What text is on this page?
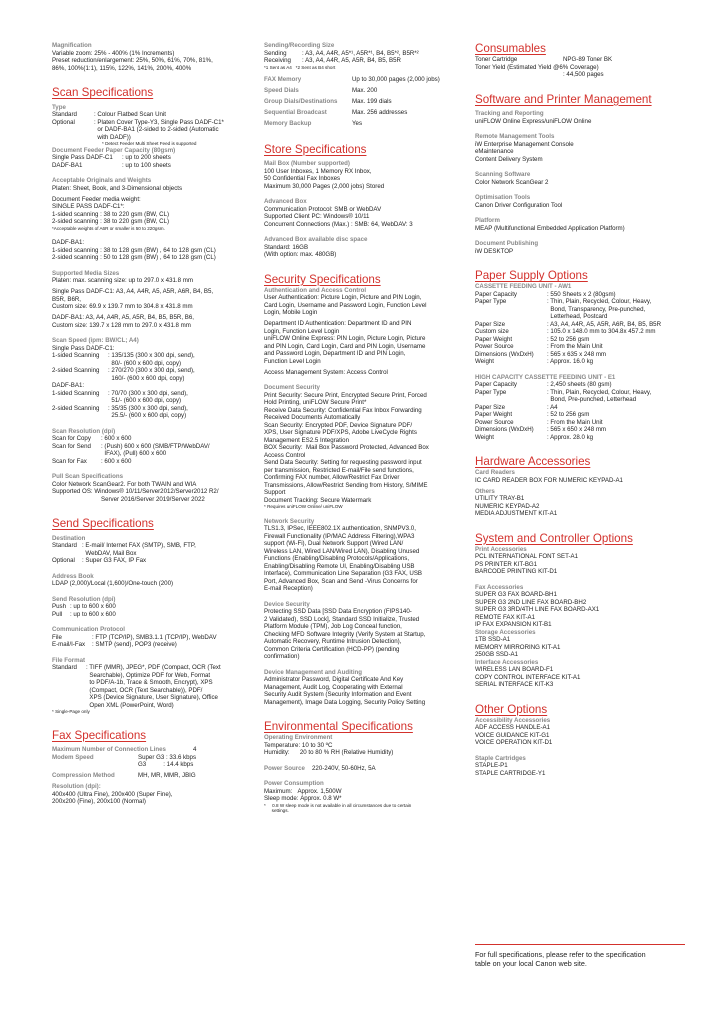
Magnification
Variable zoom: 25% - 400% (1% Increments)
Preset reduction/enlargement: 25%, 50%, 61%, 70%, 81%,
86%, 100%(1:1), 115%, 122%, 141%, 200%, 400%
Scan Specifications
Type
Standard	: Colour Flatbed Scan Unit
Optional	: Platen Cover Type-Y3, Single Pass DADF-C1*
or DADF-BA1 (2-sided to 2-sided (Automatic
with DADF))
* Detect Feeder Multi Sheet Feed is supported
Document Feeder Paper Capacity (80gsm)
Single Pass DADF-C1	: up to 200 sheets
DADF-BA1	: up to 100 sheets
Acceptable Originals and Weights
Platen: Sheet, Book, and 3-Dimensional objects
Document Feeder media weight:
SINGLE PASS DADF-C1*:
1-sided scanning : 38 to 220 gsm (BW, CL)
2-sided scanning : 38 to 220 gsm (BW, CL)
*Acceptable weights of A6R or smaller is 50 to 220gsm.
DADF-BA1:
1-sided scanning : 38 to 128 gsm (BW) , 64 to 128 gsm (CL)
2-sided scanning : 50 to 128 gsm (BW) , 64 to 128 gsm (CL)
Supported Media Sizes
Platen: max. scanning size: up to 297.0 x 431.8 mm
Single Pass DADF-C1: A3, A4, A4R, A5, A5R, A6R, B4, B5,
B5R, B6R,
Custom size: 69.9 x 139.7 mm to 304.8 x 431.8 mm
DADF-BA1: A3, A4, A4R, A5, A5R, B4, B5, B5R, B6,
Custom size: 139.7 x 128 mm to 297.0 x 431.8 mm
Scan Speed (ipm: BW/CL; A4)
Single Pass DADF-C1:
1-sided Scanning	: 135/135 (300 x 300 dpi, send),
80/- (600 x 600 dpi, copy)
2-sided Scanning	: 270/270 (300 x 300 dpi, send),
160/- (600 x 600 dpi, copy)
DADF-BA1:
1-sided Scanning	: 70/70 (300 x 300 dpi, send),
51/- (600 x 600 dpi, copy)
2-sided Scanning	: 35/35 (300 x 300 dpi, send),
25.5/- (600 x 600 dpi, copy)
Scan Resolution (dpi)
Scan for Copy	: 600 x 600
Scan for Send	: (Push) 600 x 600 (SMB/FTP/WebDAV/
IFAX), (Pull) 600 x 600
Scan for Fax	: 600 x 600
Pull Scan Specifications
Color Network ScanGear2. For both TWAIN and WIA
Supported OS: Windows® 10/11/Server2012/Server2012 R2/
Server 2016/Server 2019/Server 2022
Send Specifications
Destination
Standard : E-mail/ Internet FAX (SMTP), SMB, FTP,
WebDAV, Mail Box
Optional	: Super G3 FAX, IP Fax
Address Book
LDAP (2,000)/Local (1,600)/One-touch (200)
Send Resolution (dpi)
Push : up to 600 x 600
Pull	: up to 600 x 600
Communication Protocol
File	: FTP (TCP/IP), SMB3.1.1 (TCP/IP), WebDAV
E-mail/I-Fax	: SMTP (send), POP3 (receive)
File Format
Standard	: TIFF (MMR), JPEG*, PDF (Compact, OCR (Text
Searchable), Optimize PDF for Web, Format
to PDF/A-1b, Trace & Smooth, Encrypt), XPS
(Compact, OCR (Text Searchable)), PDF/
XPS (Device Signature, User Signature), Office
Open XML (PowerPoint, Word)
* Single-Page only
Fax Specifications
Maximum Number of Connection Lines	4
Modem Speed	Super G3 : 33.6 kbps
G3          : 14.4 kbps
Compression Method	MH, MR, MMR, JBIG
Resolution (dpi):
400x400 (Ultra Fine), 200x400 (Super Fine),
200x200 (Fine), 200x100 (Normal)
Sending/Recording Size
Sending	: A3, A4, A4R, A5*¹, A5R*¹, B4, B5*², B5R*²
Receiving	: A3, A4, A4R, A5, A5R, B4, B5, B5R
*1 Sent as A4   *2 Sent as B4 short
FAX Memory	Up to 30,000 pages (2,000 jobs)
Speed Dials	Max. 200
Group Dials/Destinations	Max. 199 dials
Sequential Broadcast	Max. 256 addresses
Memory Backup	Yes
Store Specifications
Mail Box (Number supported)
100 User Inboxes, 1 Memory RX Inbox,
50 Confidential Fax Inboxes
Maximum 30,000 Pages (2,000 jobs) Stored
Advanced Box
Communication Protocol: SMB or WebDAV
Supported Client PC: Windows® 10/11
Concurrent Connections (Max.) : SMB: 64, WebDAV: 3
Advanced Box available disc space
Standard: 16GB
(With option: max. 480GB)
Security Specifications
Authentication and Access Control
User Authentication: Picture Login, Picture and PIN Login,
Card Login, Username and Password Login, Function Level
Login, Mobile Login
Department ID Authentication: Department ID and PIN
Login, Function Level Login
uniFLOW Online Express: PIN Login, Picture Login, Picture
and PIN Login, Card Login, Card and PIN Login, Username
and Password Login, Department ID and PIN Login,
Function Level Login
Access Management System: Access Control
Document Security
Print Security: Secure Print, Encrypted Secure Print, Forced
Hold Printing, uniFLOW Secure Print*
Receive Data Security: Confidential Fax Inbox Forwarding
Received Documents Automatically
Scan Security: Encrypted PDF, Device Signature PDF/
XPS, User Signature PDF/XPS, Adobe LiveCycle Rights
Management ES2.5 Integration
BOX Security:  Mail Box Password Protected, Advanced Box
Access Control
Send Data Security: Setting for requesting password input
per transmission, Restricted E-mail/File send functions,
Confirming FAX number, Allow/Restrict Fax Driver
Transmissions, Allow/Restrict Sending from History, S/MIME
Support
Document Tracking: Secure Watermark
* Requires uniFLOW Online/ uniFLOW
Network Security
TLS1.3, IPSec, IEEE802.1X authentication, SNMPV3.0,
Firewall Functionality (IP/MAC Address Filtering),WPA3
support (Wi-Fi), Dual Network Support (Wired LAN/
Wireless LAN, Wired LAN/Wired LAN), Disabling Unused
Functions (Enabling/Disabling Protocols/Applications,
Enabling/Disabling Remote UI, Enabling/Disabling USB
Interface), Communication Line Separation (G3 FAX, USB
Port, Advanced Box, Scan and Send -Virus Concerns for
E-mail Reception)
Device Security
Protecting SSD Data [SSD Data Encryption (FIPS140-
2 Validated), SSD Lock], Standard SSD Initialize, Trusted
Platform Module (TPM), Job Log Conceal function,
Checking MFD Software Integrity (Verify System at Startup,
Automatic Recovery, Runtime Intrusion Detection),
Common Criteria Certification (HCD-PP) (pending
confirmation)
Device Management and Auditing
Administrator Password, Digital Certificate And Key
Management, Audit Log, Cooperating with External
Security Audit System (Security Information and Event
Management), Image Data Logging, Security Policy Setting
Environmental Specifications
Operating Environment
Temperature: 10 to 30 ºC
Humidity: 20 to 80 % RH (Relative Humidity)
Power Source	220-240V, 50-60Hz, 5A
Power Consumption
Maximum: Approx. 1,500W
Sleep mode: Approx. 0.8 W*
*     0.8 W sleep mode is not available in all circumstances due to certain
settings.
Consumables
Toner Cartridge	NPG-89 Toner BK
Toner Yield (Estimated Yield @6% Coverage)
: 44,500 pages
Software and Printer Management
Tracking and Reporting
uniFLOW Online Express/uniFLOW Online
Remote Management Tools
iW Enterprise Management Console
eMaintenance
Content Delivery System
Scanning Software
Color Network ScanGear 2
Optimisation Tools
Canon Driver Configuration Tool
Platform
MEAP (Multifunctional Embedded Application Platform)
Document Publishing
iW DESKTOP
Paper Supply Options
CASSETTE FEEDING UNIT - AW1
Paper Capacity	: 550 Sheets x 2 (80gsm)
Paper Type	: Thin, Plain, Recycled, Colour, Heavy,
Bond, Transparency, Pre-punched,
Letterhead, Postcard
Paper Size	: A3, A4, A4R, A5, A5R, A6R, B4, B5, B5R
Custom size	: 105.0 x 148.0 mm to 304.8x 457.2 mm
Paper Weight	: 52 to 256 gsm
Power Source	: From the Main Unit
Dimensions (WxDxH)	: 565 x 635 x 248 mm
Weight	: Approx. 16.0 kg
HIGH CAPACITY CASSETTE FEEDING UNIT - E1
Paper Capacity	: 2,450 sheets (80 gsm)
Paper Type	: Thin, Plain, Recycled, Colour, Heavy,
Bond, Pre-punched, Letterhead
Paper Size	: A4
Paper Weight	: 52 to 256 gsm
Power Source	: From the Main Unit
Dimensions (WxDxH)	: 565 x 650 x 248 mm
Weight	: Approx. 28.0 kg
Hardware Accessories
Card Readers
IC CARD READER BOX FOR NUMERIC KEYPAD-A1
Others
UTILITY TRAY-B1
NUMERIC KEYPAD-A2
MEDIA ADJUSTMENT KIT-A1
System and Controller Options
Print Accessories
PCL INTERNATIONAL FONT SET-A1
PS PRINTER KIT-BG1
BARCODE PRINTING KIT-D1
Fax Accessories
SUPER G3 FAX BOARD-BH1
SUPER G3 2ND LINE FAX BOARD-BH2
SUPER G3 3RD/4TH LINE FAX BOARD-AX1
REMOTE FAX KIT-A1
IP FAX EXPANSION KIT-B1
Storage Accessories
1TB SSD-A1
MEMORY MIRRORING KIT-A1
250GB SSD-A1
Interface Accessories
WIRELESS LAN BOARD-F1
COPY CONTROL INTERFACE KIT-A1
SERIAL INTERFACE KIT-K3
Other Options
Accessibility Accessories
ADF ACCESS HANDLE-A1
VOICE GUIDANCE KIT-G1
VOICE OPERATION KIT-D1
Staple Cartridges
STAPLE-P1
STAPLE CARTRIDGE-Y1
For full specifications, please refer to the specification
table on your local Canon web site.
